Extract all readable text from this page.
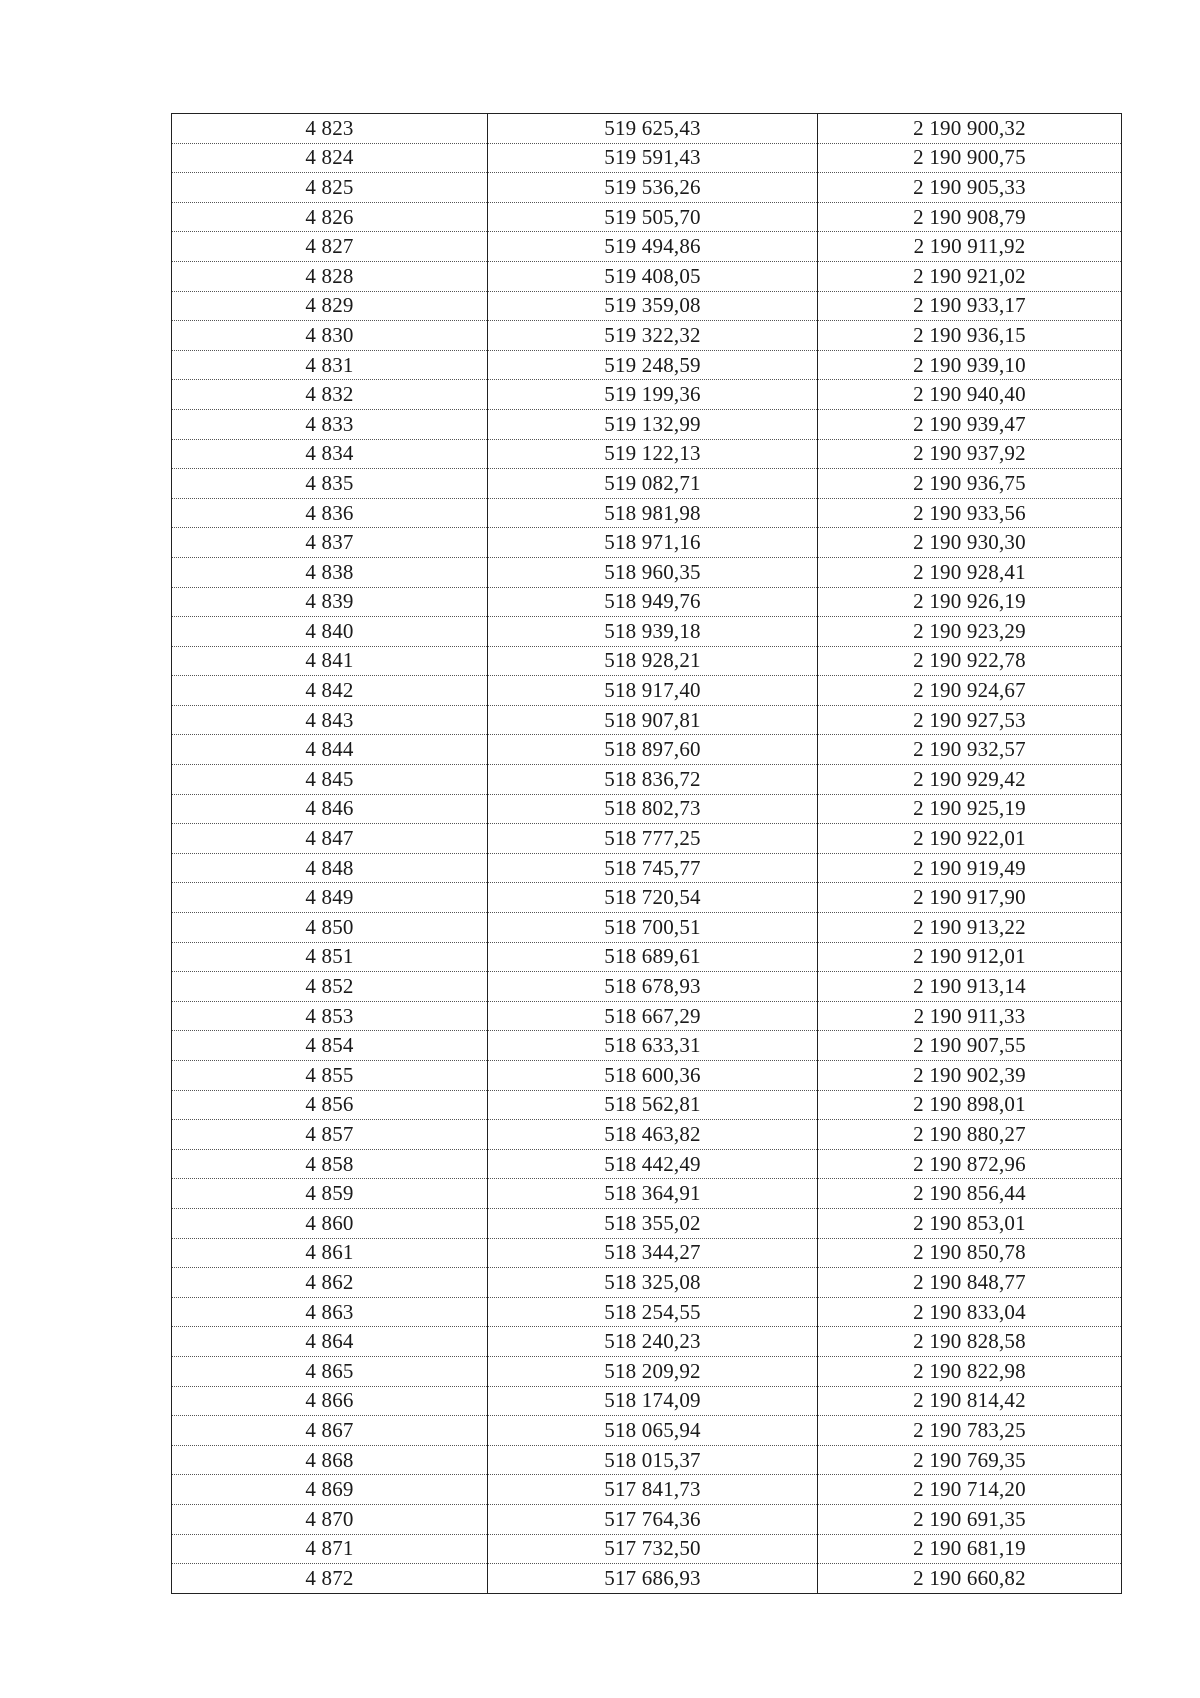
4 823	519 625,43	2 190 900,32
4 824	519 591,43	2 190 900,75
4 825	519 536,26	2 190 905,33
4 826	519 505,70	2 190 908,79
4 827	519 494,86	2 190 911,92
4 828	519 408,05	2 190 921,02
4 829	519 359,08	2 190 933,17
4 830	519 322,32	2 190 936,15
4 831	519 248,59	2 190 939,10
4 832	519 199,36	2 190 940,40
4 833	519 132,99	2 190 939,47
4 834	519 122,13	2 190 937,92
4 835	519 082,71	2 190 936,75
4 836	518 981,98	2 190 933,56
4 837	518 971,16	2 190 930,30
4 838	518 960,35	2 190 928,41
4 839	518 949,76	2 190 926,19
4 840	518 939,18	2 190 923,29
4 841	518 928,21	2 190 922,78
4 842	518 917,40	2 190 924,67
4 843	518 907,81	2 190 927,53
4 844	518 897,60	2 190 932,57
4 845	518 836,72	2 190 929,42
4 846	518 802,73	2 190 925,19
4 847	518 777,25	2 190 922,01
4 848	518 745,77	2 190 919,49
4 849	518 720,54	2 190 917,90
4 850	518 700,51	2 190 913,22
4 851	518 689,61	2 190 912,01
4 852	518 678,93	2 190 913,14
4 853	518 667,29	2 190 911,33
4 854	518 633,31	2 190 907,55
4 855	518 600,36	2 190 902,39
4 856	518 562,81	2 190 898,01
4 857	518 463,82	2 190 880,27
4 858	518 442,49	2 190 872,96
4 859	518 364,91	2 190 856,44
4 860	518 355,02	2 190 853,01
4 861	518 344,27	2 190 850,78
4 862	518 325,08	2 190 848,77
4 863	518 254,55	2 190 833,04
4 864	518 240,23	2 190 828,58
4 865	518 209,92	2 190 822,98
4 866	518 174,09	2 190 814,42
4 867	518 065,94	2 190 783,25
4 868	518 015,37	2 190 769,35
4 869	517 841,73	2 190 714,20
4 870	517 764,36	2 190 691,35
4 871	517 732,50	2 190 681,19
4 872	517 686,93	2 190 660,82
